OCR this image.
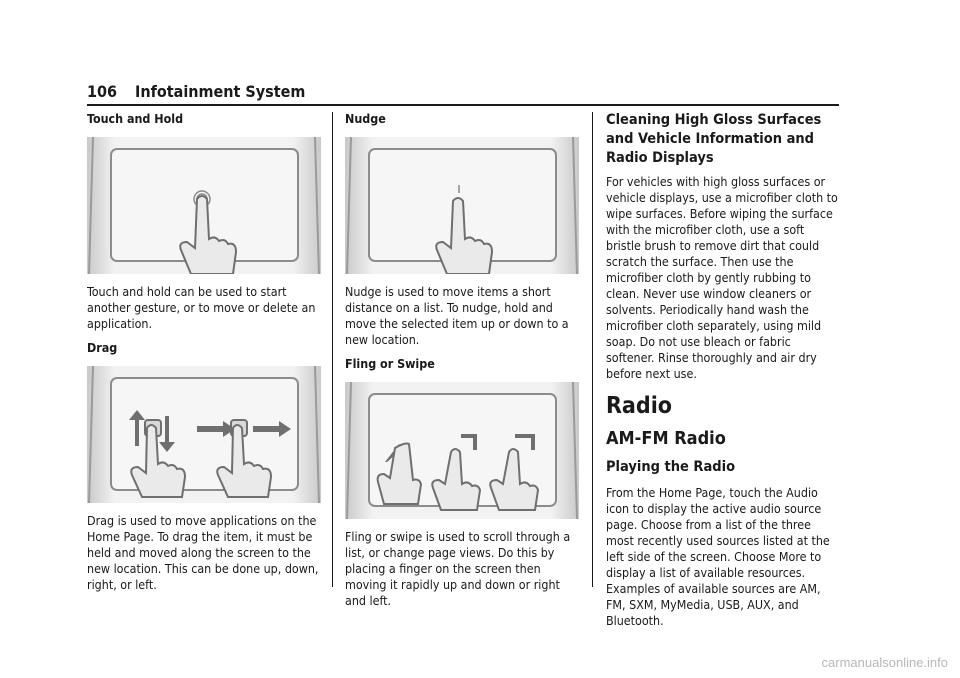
106 Infotainment System
Touch and Hold

Touch and hold can be used to start another gesture, or to move or delete an application.

Drag

Drag is used to move applications on the Home Page. To drag the item, it must be held and moved along the screen to the new location. This can be done up, down, right, or left.

Nudge

Nudge is used to move items a short distance on a list. To nudge, hold and move the selected item up or down to a new location.

Fling or Swipe

Fling or swipe is used to scroll through a list, or change page views. Do this by placing a finger on the screen then moving it rapidly up and down or right and left.

Cleaning High Gloss Surfaces and Vehicle Information and Radio Displays

For vehicles with high gloss surfaces or vehicle displays, use a microfiber cloth to wipe surfaces. Before wiping the surface with the microfiber cloth, use a soft bristle brush to remove dirt that could scratch the surface. Then use the microfiber cloth by gently rubbing to clean. Never use window cleaners or solvents. Periodically hand wash the microfiber cloth separately, using mild soap. Do not use bleach or fabric softener. Rinse thoroughly and air dry before next use.

Radio
AM-FM Radio
Playing the Radio

From the Home Page, touch the Audio icon to display the active audio source page. Choose from a list of the three most recently used sources listed at the left side of the screen. Choose More to display a list of available resources. Examples of available sources are AM, FM, SXM, MyMedia, USB, AUX, and Bluetooth.

carmanualsonline.info
